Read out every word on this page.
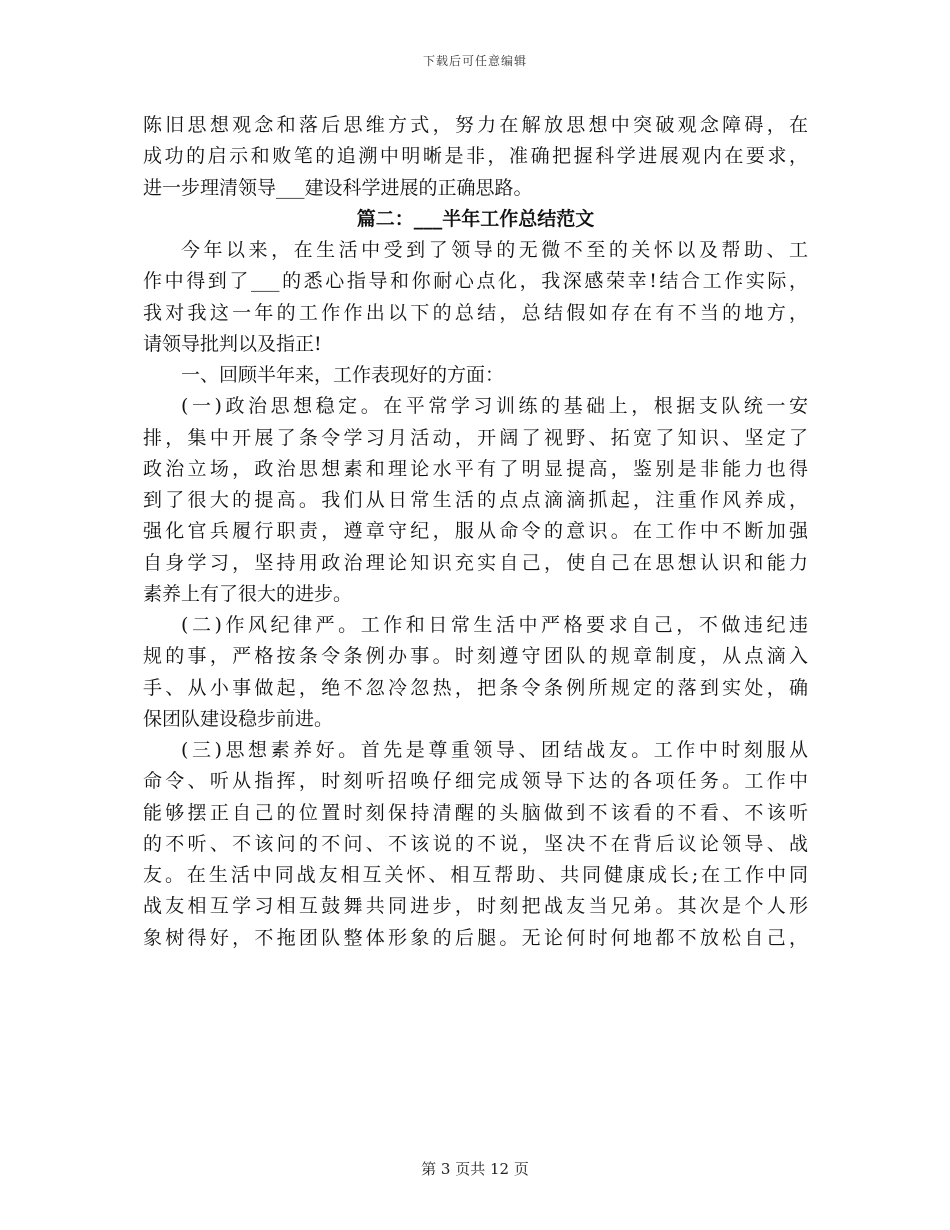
下载后可任意编辑
陈旧思想观念和落后思维方式，努力在解放思想中突破观念障碍，在
成功的启示和败笔的追溯中明晰是非，准确把握科学进展观内在要求，
进一步理清领导___建设科学进展的正确思路。
篇二：___半年工作总结范文
今年以来，在生活中受到了领导的无微不至的关怀以及帮助、工
作中得到了___的悉心指导和你耐心点化，我深感荣幸!结合工作实际，
我对我这一年的工作作出以下的总结，总结假如存在有不当的地方，
请领导批判以及指正!
一、回顾半年来，工作表现好的方面：
(一)政治思想稳定。在平常学习训练的基础上，根据支队统一安
排，集中开展了条令学习月活动，开阔了视野、拓宽了知识、坚定了
政治立场，政治思想素和理论水平有了明显提高，鉴别是非能力也得
到了很大的提高。我们从日常生活的点点滴滴抓起，注重作风养成，
强化官兵履行职责，遵章守纪，服从命令的意识。在工作中不断加强
自身学习，坚持用政治理论知识充实自己，使自己在思想认识和能力
素养上有了很大的进步。
(二)作风纪律严。工作和日常生活中严格要求自己，不做违纪违
规的事，严格按条令条例办事。时刻遵守团队的规章制度，从点滴入
手、从小事做起，绝不忽冷忽热，把条令条例所规定的落到实处，确
保团队建设稳步前进。
(三)思想素养好。首先是尊重领导、团结战友。工作中时刻服从
命令、听从指挥，时刻听招唤仔细完成领导下达的各项任务。工作中
能够摆正自己的位置时刻保持清醒的头脑做到不该看的不看、不该听
的不听、不该问的不问、不该说的不说，坚决不在背后议论领导、战
友。在生活中同战友相互关怀、相互帮助、共同健康成长;在工作中同
战友相互学习相互鼓舞共同进步，时刻把战友当兄弟。其次是个人形
象树得好，不拖团队整体形象的后腿。无论何时何地都不放松自己，
第 3 页共 12 页
